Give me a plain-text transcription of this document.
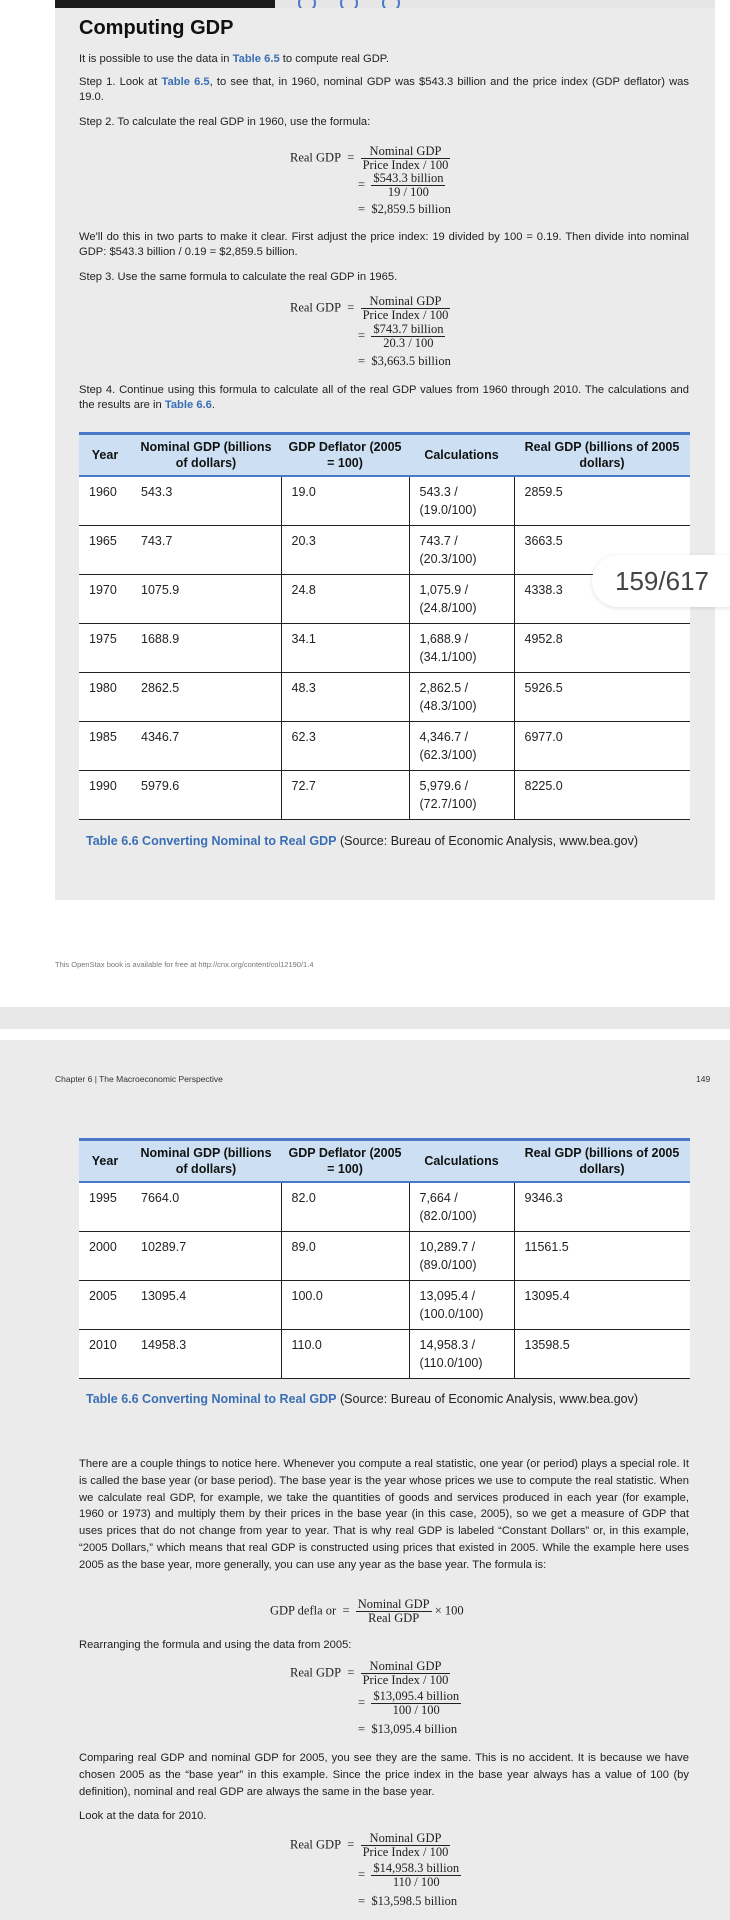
Computing GDP
It is possible to use the data in Table 6.5 to compute real GDP.
Step 1. Look at Table 6.5, to see that, in 1960, nominal GDP was $543.3 billion and the price index (GDP deflator) was 19.0.
Step 2. To calculate the real GDP in 1960, use the formula:
Real GDP = $\frac{\text{Nominal GDP}}{\text{Price Index / 100}}$
= $\frac{\text{\$543.3 billion}}{19 / 100}$
= $2,859.5 billion
We'll do this in two parts to make it clear. First adjust the price index: 19 divided by 100 = 0.19. Then divide into nominal GDP: $543.3 billion / 0.19 = $2,859.5 billion.
Step 3. Use the same formula to calculate the real GDP in 1965.
Real GDP = $\frac{\text{Nominal GDP}}{\text{Price Index / 100}}$
= $\frac{\text{\$743.7 billion}}{20.3 / 100}$
= $3,663.5 billion
Step 4. Continue using this formula to calculate all of the real GDP values from 1960 through 2010. The calculations and the results are in Table 6.6.
Year	Nominal GDP (billions of dollars)	GDP Deflator (2005 = 100)	Calculations	Real GDP (billions of 2005 dollars)
1960	543.3	19.0	543.3 /
(19.0/100)	2859.5
1965	743.7	20.3	743.7 /
(20.3/100)	3663.5
1970	1075.9	24.8	1,075.9 /
(24.8/100)	4338.3
1975	1688.9	34.1	1,688.9 /
(34.1/100)	4952.8
1980	2862.5	48.3	2,862.5 /
(48.3/100)	5926.5
1985	4346.7	62.3	4,346.7 /
(62.3/100)	6977.0
1990	5979.6	72.7	5,979.6 /
(72.7/100)	8225.0
Table 6.6 Converting Nominal to Real GDP (Source: Bureau of Economic Analysis, www.bea.gov)
This OpenStax book is available for free at http://cnx.org/content/col12190/1.4
159/617
Chapter 6 | The Macroeconomic Perspective	149
Year	Nominal GDP (billions of dollars)	GDP Deflator (2005 = 100)	Calculations	Real GDP (billions of 2005 dollars)
1995	7664.0	82.0	7,664 /
(82.0/100)	9346.3
2000	10289.7	89.0	10,289.7 /
(89.0/100)	11561.5
2005	13095.4	100.0	13,095.4 /
(100.0/100)	13095.4
2010	14958.3	110.0	14,958.3 /
(110.0/100)	13598.5
Table 6.6 Converting Nominal to Real GDP (Source: Bureau of Economic Analysis, www.bea.gov)
There are a couple things to notice here. Whenever you compute a real statistic, one year (or period) plays a special role. It is called the base year (or base period). The base year is the year whose prices we use to compute the real statistic. When we calculate real GDP, for example, we take the quantities of goods and services produced in each year (for example, 1960 or 1973) and multiply them by their prices in the base year (in this case, 2005), so we get a measure of GDP that uses prices that do not change from year to year. That is why real GDP is labeled “Constant Dollars” or, in this example, “2005 Dollars,” which means that real GDP is constructed using prices that existed in 2005. While the example here uses 2005 as the base year, more generally, you can use any year as the base year. The formula is:
GDP defla or = $\frac{\text{Nominal GDP}}{\text{Real GDP}} \times 100$
Rearranging the formula and using the data from 2005:
Real GDP = $\frac{\text{Nominal GDP}}{\text{Price Index / 100}}$
= $\frac{\text{\$13,095.4 billion}}{100 / 100}$
= $13,095.4 billion
Comparing real GDP and nominal GDP for 2005, you see they are the same. This is no accident. It is because we have chosen 2005 as the “base year” in this example. Since the price index in the base year always has a value of 100 (by definition), nominal and real GDP are always the same in the base year.
Look at the data for 2010.
Real GDP = $\frac{\text{Nominal GDP}}{\text{Price Index / 100}}$
= $\frac{\text{\$14,958.3 billion}}{110 / 100}$
= $13,598.5 billion
